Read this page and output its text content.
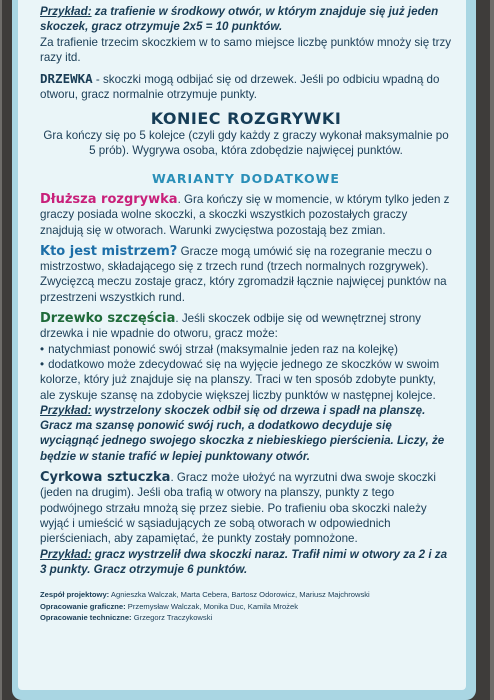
Przykład: za trafienie w środkowy otwór, w którym znajduje się już jeden skoczek, gracz otrzymuje 2x5 = 10 punktów.

Za trafienie trzecim skoczkiem w to samo miejsce liczbę punktów mnoży się trzy razy itd.

DRZEWKA - skoczki mogą odbijać się od drzewek. Jeśli po odbiciu wpadną do otworu, gracz normalnie otrzymuje punkty.

KONIEC ROZGRYWKI

Gra kończy się po 5 kolejce (czyli gdy każdy z graczy wykonał maksymalnie po 5 prób). Wygrywa osoba, która zdobędzie najwięcej punktów.

WARIANTY DODATKOWE

Dłuższa rozgrywka. Gra kończy się w momencie, w którym tylko jeden z graczy posiada wolne skoczki, a skoczki wszystkich pozostałych graczy znajdują się w otworach. Warunki zwycięstwa pozostają bez zmian.

Kto jest mistrzem? Gracze mogą umówić się na rozegranie meczu o mistrzostwo, składającego się z trzech rund (trzech normalnych rozgrywek). Zwycięzcą meczu zostaje gracz, który zgromadził łącznie najwięcej punktów na przestrzeni wszystkich rund.

Drzewko szczęścia. Jeśli skoczek odbije się od wewnętrznej strony drzewka i nie wpadnie do otworu, gracz może:

• natychmiast ponowić swój strzał (maksymalnie jeden raz na kolejkę)
• dodatkowo może zdecydować się na wyjęcie jednego ze skoczków w swoim kolorze, który już znajduje się na planszy. Traci w ten sposób zdobyte punkty, ale zyskuje szansę na zdobycie większej liczby punktów w następnej kolejce.

Przykład: wystrzelony skoczek odbił się od drzewa i spadł na planszę. Gracz ma szansę ponowić swój ruch, a dodatkowo decyduje się wyciągnąć jednego swojego skoczka z niebieskiego pierścienia. Liczy, że będzie w stanie trafić w lepiej punktowany otwór.

Cyrkowa sztuczka. Gracz może ułożyć na wyrzutni dwa swoje skoczki (jeden na drugim). Jeśli oba trafią w otwory na planszy, punkty z tego podwójnego strzału mnożą się przez siebie. Po trafieniu oba skoczki należy wyjąć i umieścić w sąsiadujących ze sobą otworach w odpowiednich pierścieniach, aby zapamiętać, że punkty zostały pomnożone.

Przykład: gracz wystrzelił dwa skoczki naraz. Trafił nimi w otwory za 2 i za 3 punkty. Gracz otrzymuje 6 punktów.

Zespół projektowy: Agnieszka Walczak, Marta Cebera, Bartosz Odorowicz, Mariusz Majchrowski
Opracowanie graficzne: Przemysław Walczak, Monika Duc, Kamila Mrożek
Opracowanie techniczne: Grzegorz Traczykowski
